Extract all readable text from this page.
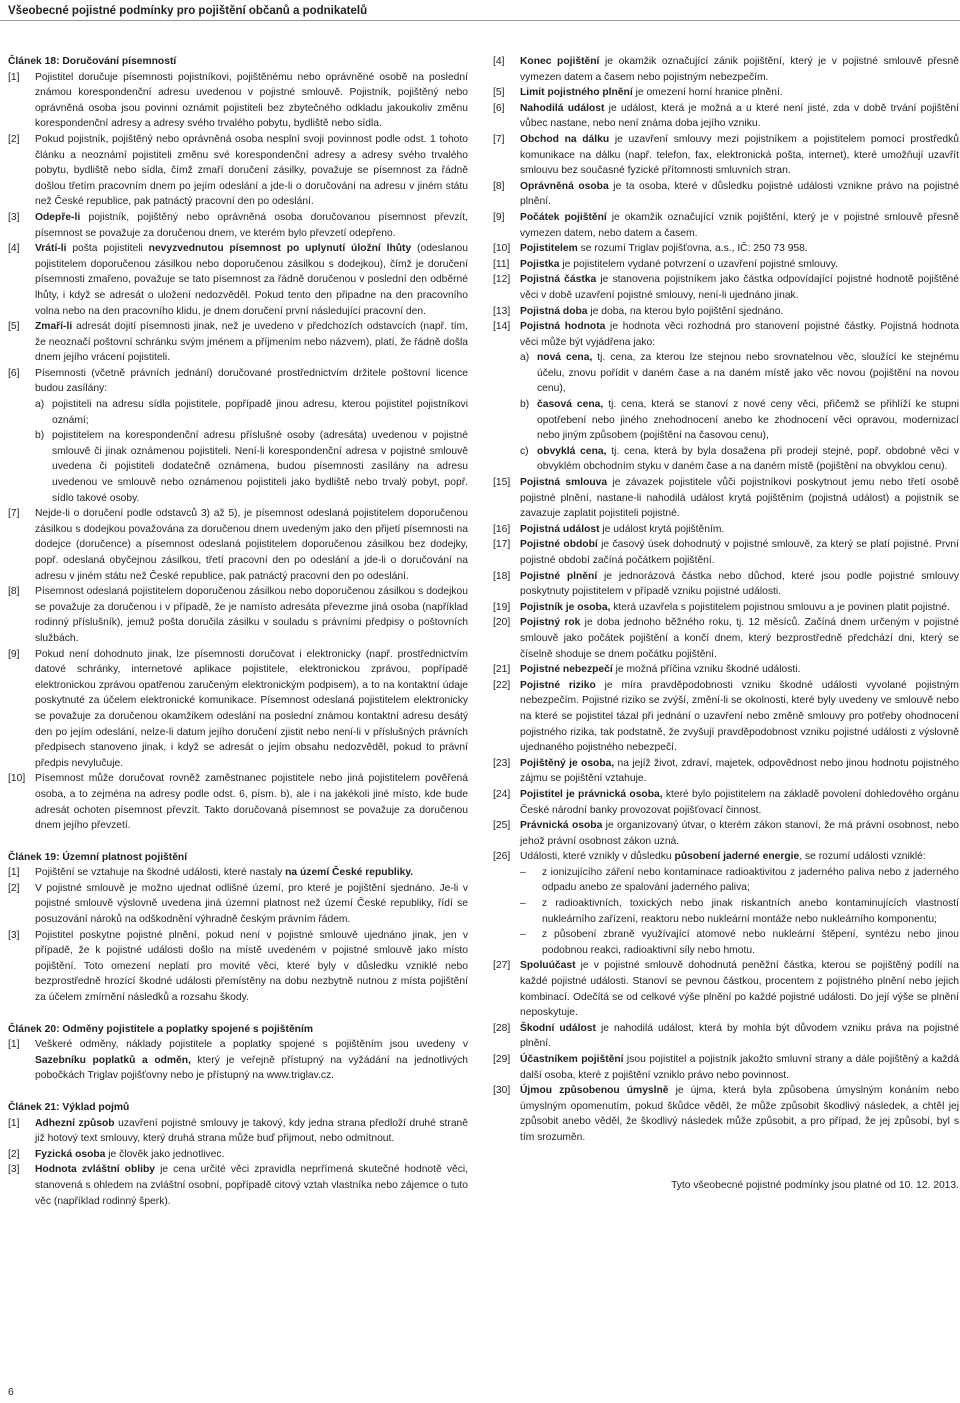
Všeobecné pojistné podmínky pro pojištění občanů a podnikatelů
Článek 18: Doručování písemností
[1] Pojistitel doručuje písemnosti pojistníkovi, pojištěnému nebo oprávněné osobě na poslední známou korespondenční adresu uvedenou v pojistné smlouvě. Pojistník, pojištěný nebo oprávněná osoba jsou povinni oznámit pojistiteli bez zbytečného odkladu jakoukoliv změnu korespondenční adresy a adresy svého trvalého pobytu, bydliště nebo sídla.
[2] Pokud pojistník, pojištěný nebo oprávněná osoba nesplní svoji povinnost podle odst. 1 tohoto článku a neoznámí pojistiteli změnu své korespondenční adresy a adresy svého trvalého pobytu, bydliště nebo sídla, čímž zmaří doručení zásilky, považuje se písemnost za řádně došlou třetím pracovním dnem po jejím odeslání a jde-li o doručování na adresu v jiném státu než České republice, pak patnáctý pracovní den po odeslání.
[3] Odepře-li pojistník, pojištěný nebo oprávněná osoba doručovanou písemnost převzít, písemnost se považuje za doručenou dnem, ve kterém bylo převzetí odepřeno.
[4] Vrátí-li pošta pojistiteli nevyzvednutou písemnost po uplynutí úložní lhůty (odeslanou pojistitelem doporučenou zásilkou nebo doporučenou zásilkou s dodejkou), čímž je doručení písemnosti zmařeno, považuje se tato písemnost za řádně doručenou v poslední den odběrné lhůty, i když se adresát o uložení nedozvěděl. Pokud tento den připadne na den pracovního volna nebo na den pracovního klidu, je dnem doručení první následující pracovní den.
[5] Zmaří-li adresát dojití písemnosti jinak, než je uvedeno v předchozích odstavcích (např. tím, že neoznačí poštovní schránku svým jménem a příjmením nebo názvem), platí, že řádně došla dnem jejího vrácení pojistiteli.
[6] Písemnosti (včetně právních jednání) doručované prostřednictvím držitele poštovní licence budou zasílány:
a) pojistiteli na adresu sídla pojistitele, popřípadě jinou adresu, kterou pojistitel pojistníkovi oznámí;
b) pojistitelem na korespondenční adresu příslušné osoby (adresáta) uvedenou v pojistné smlouvě či jinak oznámenou pojistiteli. Není-li korespondenční adresa v pojistné smlouvě uvedena či pojistiteli dodatečně oznámena, budou písemnosti zasílány na adresu uvedenou ve smlouvě nebo oznámenou pojistiteli jako bydliště nebo trvalý pobyt, popř. sídlo takové osoby.
[7] Nejde-li o doručení podle odstavců 3) až 5), je písemnost odeslaná pojistitelem doporučenou zásilkou s dodejkou považována za doručenou dnem uvedeným jako den přijetí písemnosti na dodejce (doručence) a písemnost odeslaná pojistitelem doporučenou zásilkou bez dodejky, popř. odeslaná obyčejnou zásilkou, třetí pracovní den po odeslání a jde-li o doručování na adresu v jiném státu než České republice, pak patnáctý pracovní den po odeslání.
[8] Písemnost odeslaná pojistitelem doporučenou zásilkou nebo doporučenou zásilkou s dodejkou se považuje za doručenou i v případě, že je namísto adresáta převezme jiná osoba (například rodinný příslušník), jemuž pošta doručila zásilku v souladu s právními předpisy o poštovních službách.
[9] Pokud není dohodnuto jinak, lze písemnosti doručovat i elektronicky (např. prostřednictvím datové schránky, internetové aplikace pojistitele, elektronickou zprávou, popřípadě elektronickou zprávou opatřenou zaručeným elektronickým podpisem), a to na kontaktní údaje poskytnuté za účelem elektronické komunikace. Písemnost odeslaná pojistitelem elektronicky se považuje za doručenou okamžikem odeslání na poslední známou kontaktní adresu desátý den po jejím odeslání, nelze-li datum jejího doručení zjistit nebo není-li v příslušných právních předpisech stanoveno jinak, i když se adresát o jejím obsahu nedozvěděl, pokud to právní předpis nevylučuje.
[10] Písemnost může doručovat rovněž zaměstnanec pojistitele nebo jiná pojistitelem pověřená osoba, a to zejména na adresy podle odst. 6, písm. b), ale i na jakékoli jiné místo, kde bude adresát ochoten písemnost převzít. Takto doručovaná písemnost se považuje za doručenou dnem jejího převzetí.
Článek 19: Územní platnost pojištění
[1] Pojištění se vztahuje na škodné události, které nastaly na území České republiky.
[2] V pojistné smlouvě je možno ujednat odlišné území, pro které je pojištění sjednáno. Je-li v pojistné smlouvě výslovně uvedena jiná územní platnost než území České republiky, řídí se posuzování nároků na odškodnění výhradně českým právním řádem.
[3] Pojistitel poskytne pojistné plnění, pokud není v pojistné smlouvě ujednáno jinak, jen v případě, že k pojistné události došlo na místě uvedeném v pojistné smlouvě jako místo pojištění. Toto omezení neplatí pro movité věci, které byly v důsledku vzniklé nebo bezprostředně hrozící škodné události přemístěny na dobu nezbytně nutnou z místa pojištění za účelem zmírnění následků a rozsahu škody.
Článek 20: Odměny pojistitele a poplatky spojené s pojištěním
[1] Veškeré odměny, náklady pojistitele a poplatky spojené s pojištěním jsou uvedeny v Sazebníku poplatků a odměn, který je veřejně přístupný na vyžádání na jednotlivých pobočkách Triglav pojišťovny nebo je přístupný na www.triglav.cz.
Článek 21: Výklad pojmů
[1] Adhezní způsob uzavření pojistné smlouvy je takový, kdy jedna strana předloží druhé straně již hotový text smlouvy, který druhá strana může buď přijmout, nebo odmítnout.
[2] Fyzická osoba je člověk jako jednotlivec.
[3] Hodnota zvláštní obliby je cena určité věci zpravidla neprřímená skutečné hodnotě věci, stanovená s ohledem na zvláštní osobní, popřípadě citový vztah vlastníka nebo zájemce o tuto věc (například rodinný šperk).
[4] Konec pojištění je okamžik označující zánik pojištění, který je v pojistné smlouvě přesně vymezen datem a časem nebo pojistným nebezpečím.
[5] Limit pojistného plnění je omezení horní hranice plnění.
[6] Nahodilá událost je událost, která je možná a u které není jisté, zda v době trvání pojištění vůbec nastane, nebo není známa doba jejího vzniku.
[7] Obchod na dálku je uzavření smlouvy mezi pojistníkem a pojistitelem pomocí prostředků komunikace na dálku (např. telefon, fax, elektronická pošta, internet), které umožňují uzavřít smlouvu bez současné fyzické přítomnosti smluvních stran.
[8] Oprávněná osoba je ta osoba, které v důsledku pojistné události vznikne právo na pojistné plnění.
[9] Počátek pojištění je okamžik označující vznik pojištění, který je v pojistné smlouvě přesně vymezen datem, nebo datem a časem.
[10] Pojistitelem se rozumí Triglav pojišťovna, a.s., IČ: 250 73 958.
[11] Pojistka je pojistitelem vydané potvrzení o uzavření pojistné smlouvy.
[12] Pojistná částka je stanovena pojistníkem jako částka odpovídající pojistné hodnotě pojištěné věci v době uzavření pojistné smlouvy, není-li ujednáno jinak.
[13] Pojistná doba je doba, na kterou bylo pojištění sjednáno.
[14] Pojistná hodnota je hodnota věci rozhodná pro stanovení pojistné částky. Pojistná hodnota věci může být vyjádřena jako:
a) nová cena, tj. cena, za kterou lze stejnou nebo srovnatelnou věc, sloužící ke stejnému účelu, znovu pořídit v daném čase a na daném místě jako věc novou (pojištění na novou cenu),
b) časová cena, tj. cena, která se stanoví z nové ceny věci, přičemž se přihlíží ke stupni opotřebení nebo jiného znehodnocení anebo ke zhodnocení věci opravou, modernizací nebo jiným způsobem (pojištění na časovou cenu),
c) obvyklá cena, tj. cena, která by byla dosažena při prodeji stejné, popř. obdobné věci v obvyklém obchodním styku v daném čase a na daném místě (pojištění na obvyklou cenu).
[15] Pojistná smlouva je závazek pojistitele vůči pojistníkovi poskytnout jemu nebo třetí osobě pojistné plnění, nastane-li nahodilá událost krytá pojištěním (pojistná událost) a pojistník se zavazuje zaplatit pojistiteli pojistné.
[16] Pojistná událost je událost krytá pojištěním.
[17] Pojistné období je časový úsek dohodnutý v pojistné smlouvě, za který se platí pojistné. První pojistné období začíná počátkem pojištění.
[18] Pojistné plnění je jednorázová částka nebo důchod, které jsou podle pojistné smlouvy poskytnuty pojistitelem v případě vzniku pojistné události.
[19] Pojistník je osoba, která uzavřela s pojistitelem pojistnou smlouvu a je povinen platit pojistné.
[20] Pojistný rok je doba jednoho běžného roku, tj. 12 měsíců. Začíná dnem určeným v pojistné smlouvě jako počátek pojištění a končí dnem, který bezprostředně předchází dni, který se číselně shoduje se dnem počátku pojištění.
[21] Pojistné nebezpečí je možná příčina vzniku škodné události.
[22] Pojistné riziko je míra pravděpodobnosti vzniku škodné události vyvolané pojistným nebezpečím. Pojistné riziko se zvýší, změní-li se okolnosti, které byly uvedeny ve smlouvě nebo na které se pojistitel tázal při jednání o uzavření nebo změně smlouvy pro potřeby ohodnocení pojistného rizika, tak podstatně, že zvyšují pravděpodobnost vzniku pojistné události z výslovně ujednaného pojistného nebezpečí.
[23] Pojištěný je osoba, na jejíž život, zdraví, majetek, odpovědnost nebo jinou hodnotu pojistného zájmu se pojištění vztahuje.
[24] Pojistitel je právnická osoba, které bylo pojistitelem na základě povolení dohledového orgánu České národní banky provozovat pojišťovací činnost.
[25] Právnická osoba je organizovaný útvar, o kterém zákon stanoví, že má právní osobnost, nebo jehož právní osobnost zákon uzná.
[26] Události, které vznikly v důsledku působení jaderné energie, se rozumí události vzniklé:
– z ionizujícího záření nebo kontaminace radioaktivitou z jaderného paliva nebo z jaderného odpadu anebo ze spalování jaderného paliva;
– z radioaktivních, toxických nebo jinak riskantních anebo kontaminujících vlastností nukleárního zařízení, reaktoru nebo nukleární montáže nebo nukleárního komponentu;
– z působení zbraně využívající atomové nebo nukleární štěpení, syntézu nebo jinou podobnou reakci, radioaktivní síly nebo hmotu.
[27] Spoluúčast je v pojistné smlouvě dohodnutá peněžní částka, kterou se pojištěný podílí na každé pojistné události. Stanoví se pevnou částkou, procentem z pojistného plnění nebo jejich kombinací. Odečítá se od celkové výše plnění po každé pojistné události. Do její výše se plnění neposkytuje.
[28] Škodní událost je nahodilá událost, která by mohla být důvodem vzniku práva na pojistné plnění.
[29] Účastníkem pojištění jsou pojistitel a pojistník jakožto smluvní strany a dále pojištěný a každá další osoba, které z pojištění vzniklo právo nebo povinnost.
[30] Újmou způsobenou úmyslně je újma, která byla způsobena úmyslným konáním nebo úmyslným opomenutím, pokud škůdce věděl, že může způsobit škodlivý následek, a chtěl jej způsobit anebo věděl, že škodlivý následek může způsobit, a pro případ, že jej způsobí, byl s tím srozuměn.
Tyto všeobecné pojistné podmínky jsou platné od 10. 12. 2013.
6
